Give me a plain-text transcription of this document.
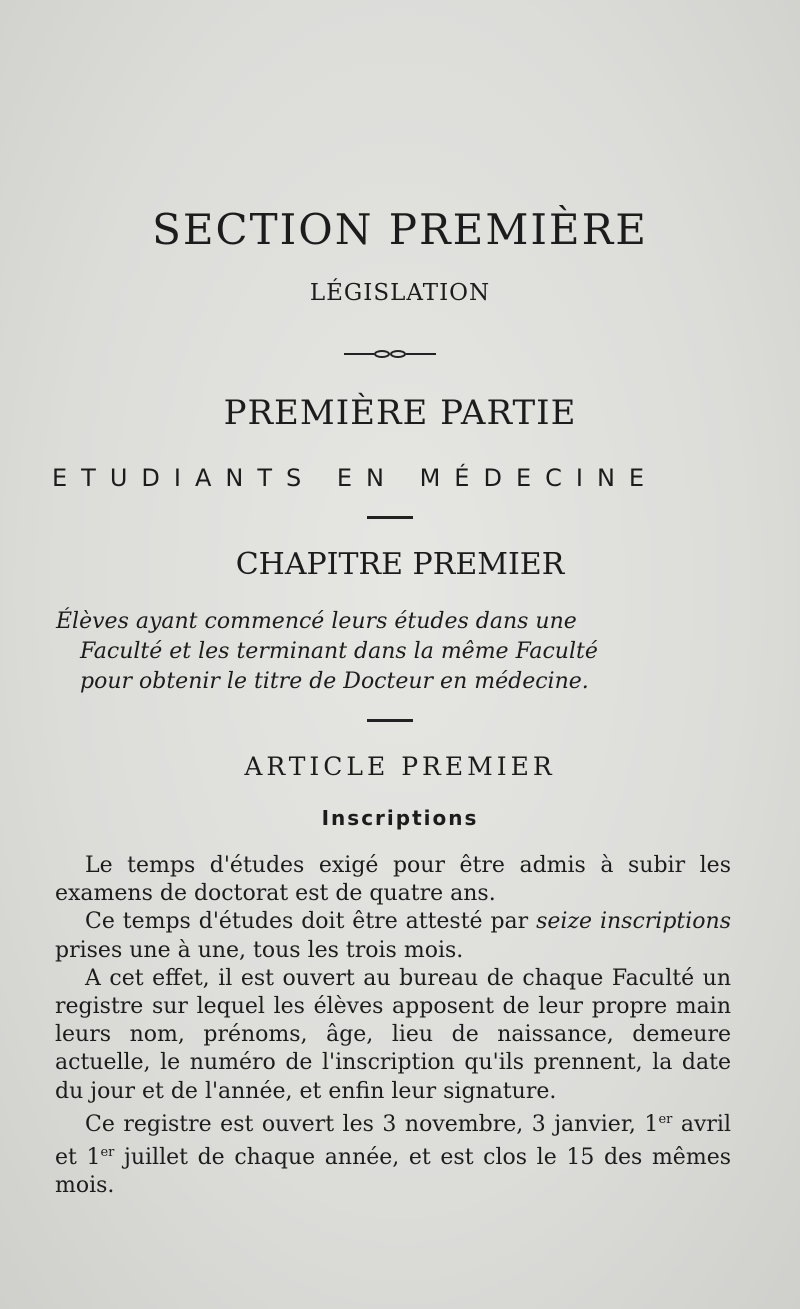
SECTION PREMIÈRE
LÉGISLATION
PREMIÈRE PARTIE
ETUDIANTS EN MÉDECINE
CHAPITRE PREMIER
Élèves ayant commencé leurs études dans une
Faculté et les terminant dans la même Faculté
pour obtenir le titre de Docteur en médecine.
ARTICLE PREMIER
Inscriptions

Le temps d'études exigé pour être admis à subir les examens de doctorat est de quatre ans.

Ce temps d'études doit être attesté par seize inscriptions prises une à une, tous les trois mois.

A cet effet, il est ouvert au bureau de chaque Faculté un registre sur lequel les élèves apposent de leur propre main leurs nom, prénoms, âge, lieu de naissance, demeure actuelle, le numéro de l'inscription qu'ils prennent, la date du jour et de l'année, et enfin leur signature.

Ce registre est ouvert les 3 novembre, 3 janvier, 1er avril et 1er juillet de chaque année, et est clos le 15 des mêmes mois.
